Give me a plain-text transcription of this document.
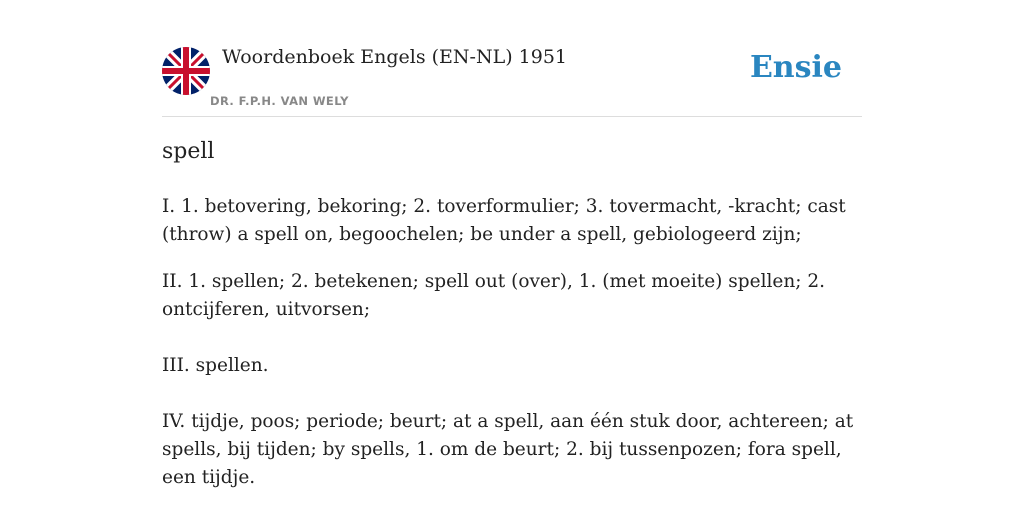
Woordenboek Engels (EN-NL) 1951
DR. F.P.H. VAN WELY
Ensie
spell

I. 1. betovering, bekoring; 2. toverformulier; 3. tovermacht, -kracht; cast (throw) a spell on, begoochelen; be under a spell, gebiologeerd zijn;

II. 1. spellen; 2. betekenen; spell out (over), 1. (met moeite) spellen; 2. ontcijferen, uitvorsen;

III. spellen.

IV. tijdje, poos; periode; beurt; at a spell, aan één stuk door, achtereen; at spells, bij tijden; by spells, 1. om de beurt; 2. bij tussenpozen; fora spell, een tijdje.
